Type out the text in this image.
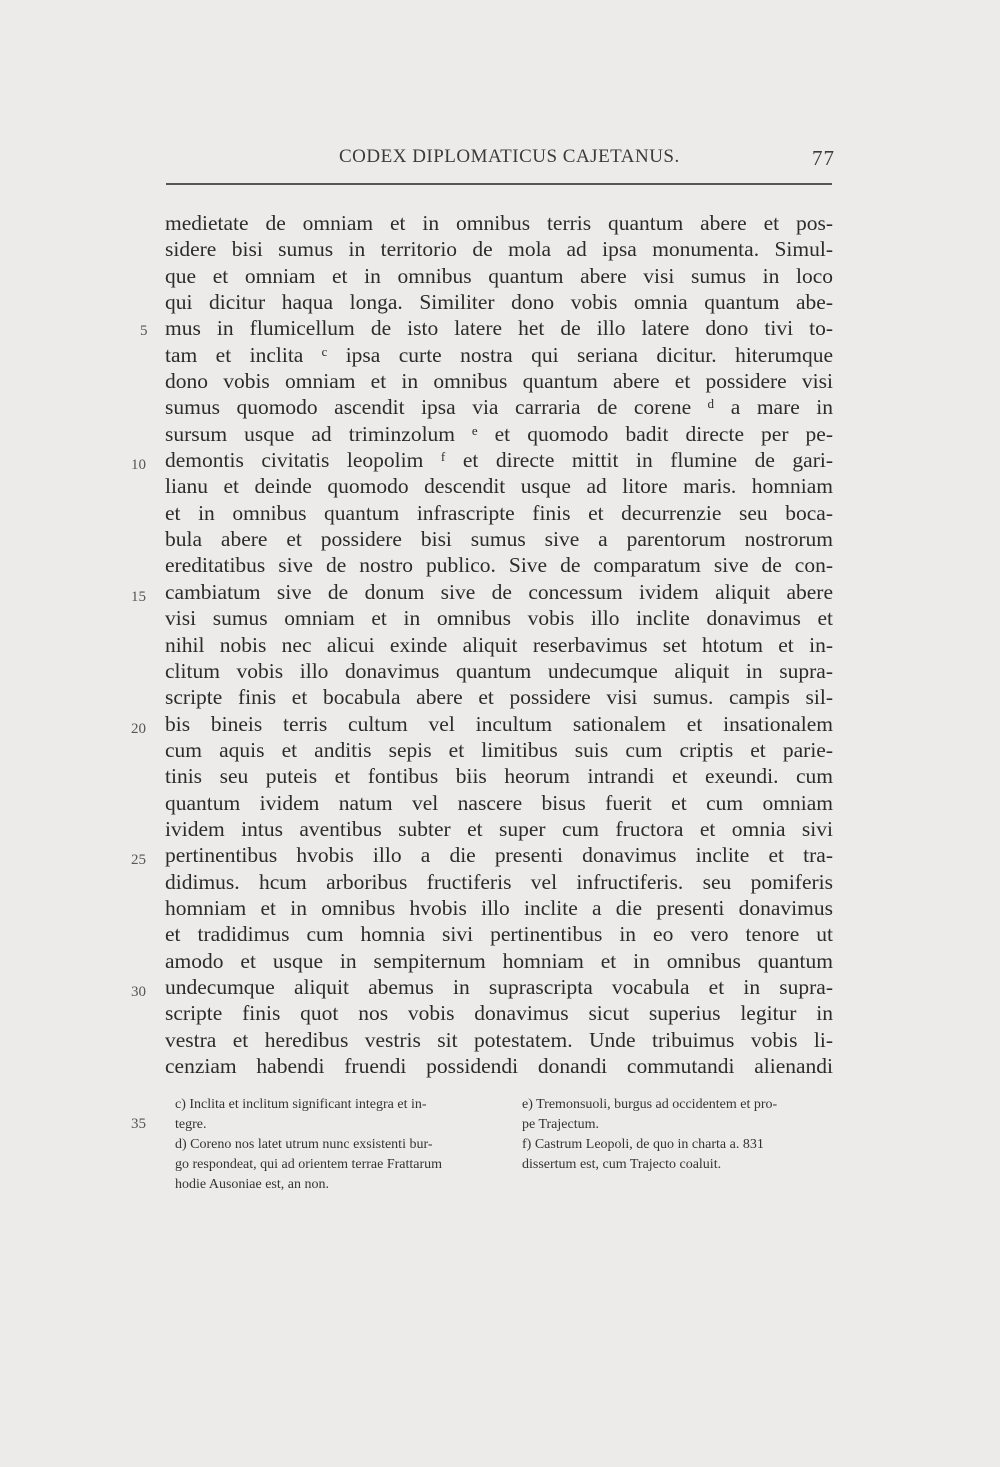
CODEX DIPLOMATICUS CAJETANUS.	77
medietate de omniam et in omnibus terris quantum abere et pos-
sidere bisi sumus in territorio de mola ad ipsa monumenta. Simul-
que et omniam et in omnibus quantum abere visi sumus in loco
qui dicitur haqua longa. Similiter dono vobis omnia quantum abe-
mus in flumicellum de isto latere het de illo latere dono tivi to-
tam et inclita ᶜ ipsa curte nostra qui seriana dicitur. hiterumque
dono vobis omniam et in omnibus quantum abere et possidere visi
sumus quomodo ascendit ipsa via carraria de corene ᵈ a mare in
sursum usque ad triminzolum ᵉ et quomodo badit directe per pe-
demontis civitatis leopolim ᶠ et directe mittit in flumine de gari-
lianu et deinde quomodo descendit usque ad litore maris. homniam
et in omnibus quantum infrascripte finis et decurrenzie seu boca-
bula abere et possidere bisi sumus sive a parentorum nostrorum
ereditatibus sive de nostro publico. Sive de comparatum sive de con-
cambiatum sive de donum sive de concessum ividem aliquit abere
visi sumus omniam et in omnibus vobis illo inclite donavimus et
nihil nobis nec alicui exinde aliquit reserbavimus set htotum et in-
clitum vobis illo donavimus quantum undecumque aliquit in supra-
scripte finis et bocabula abere et possidere visi sumus. campis sil-
bis bineis terris cultum vel incultum sationalem et insationalem
cum aquis et anditis sepis et limitibus suis cum criptis et parie-
tinis seu puteis et fontibus biis heorum intrandi et exeundi. cum
quantum ividem natum vel nascere bisus fuerit et cum omniam
ividem intus aventibus subter et super cum fructora et omnia sivi
pertinentibus hvobis illo a die presenti donavimus inclite et tra-
didimus. hcum arboribus fructiferis vel infructiferis. seu pomiferis
homniam et in omnibus hvobis illo inclite a die presenti donavimus
et tradidimus cum homnia sivi pertinentibus in eo vero tenore ut
amodo et usque in sempiternum homniam et in omnibus quantum
undecumque aliquit abemus in suprascripta vocabula et in supra-
scripte finis quot nos vobis donavimus sicut superius legitur in
vestra et heredibus vestris sit potestatem. Unde tribuimus vobis li-
cenziam habendi fruendi possidendi donandi commutandi alienandi
5
10
15
20
25
30
35
c) Inclita et inclitum significant integra et in-
tegre.
d) Coreno nos latet utrum nunc exsistenti bur-
go respondeat, qui ad orientem terrae Frattarum
hodie Ausoniae est, an non.
e) Tremonsuoli, burgus ad occidentem et pro-
pe Trajectum.
f) Castrum Leopoli, de quo in charta a. 831
dissertum est, cum Trajecto coaluit.
